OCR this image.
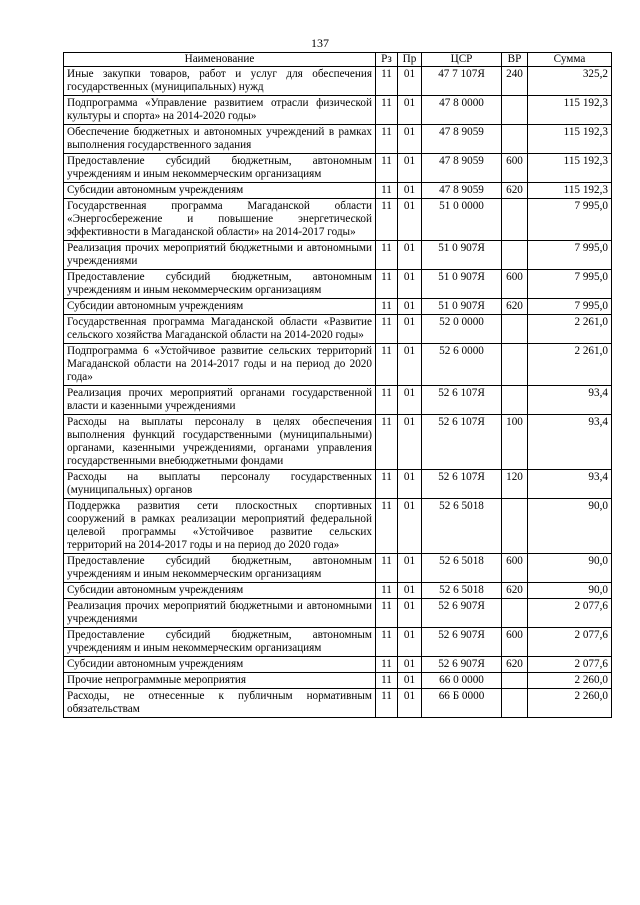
137
Наименование	Рз	Пр	ЦСР	ВР	Сумма
Иные закупки товаров, работ и услуг для обеспечения государственных (муниципальных) нужд	11	01	47 7 107Я	240	325,2
Подпрограмма «Управление развитием отрасли физической культуры и спорта» на 2014-2020 годы»	11	01	47 8 0000		115 192,3
Обеспечение бюджетных и автономных учреждений в рамках выполнения государственного задания	11	01	47 8 9059		115 192,3
Предоставление субсидий бюджетным, автономным учреждениям и иным некоммерческим организациям	11	01	47 8 9059	600	115 192,3
Субсидии автономным учреждениям	11	01	47 8 9059	620	115 192,3
Государственная программа Магаданской области «Энергосбережение и повышение энергетической эффективности в Магаданской области» на 2014-2017 годы»	11	01	51 0 0000		7 995,0
Реализация прочих мероприятий бюджетными и автономными учреждениями	11	01	51 0 907Я		7 995,0
Предоставление субсидий бюджетным, автономным учреждениям и иным некоммерческим организациям	11	01	51 0 907Я	600	7 995,0
Субсидии автономным учреждениям	11	01	51 0 907Я	620	7 995,0
Государственная программа Магаданской области «Развитие сельского хозяйства Магаданской области на 2014-2020 годы»	11	01	52 0 0000		2 261,0
Подпрограмма 6 «Устойчивое развитие сельских территорий Магаданской области на 2014-2017 годы и на период до 2020 года»	11	01	52 6 0000		2 261,0
Реализация прочих мероприятий органами государственной власти и казенными учреждениями	11	01	52 6 107Я		93,4
Расходы на выплаты персоналу в целях обеспечения выполнения функций государственными (муниципальными) органами, казенными учреждениями, органами управления государственными внебюджетными фондами	11	01	52 6 107Я	100	93,4
Расходы на выплаты персоналу государственных (муниципальных) органов	11	01	52 6 107Я	120	93,4
Поддержка развития сети плоскостных спортивных сооружений в рамках реализации мероприятий федеральной целевой программы «Устойчивое развитие сельских территорий на 2014-2017 годы и на период до 2020 года»	11	01	52 6 5018		90,0
Предоставление субсидий бюджетным, автономным учреждениям и иным некоммерческим организациям	11	01	52 6 5018	600	90,0
Субсидии автономным учреждениям	11	01	52 6 5018	620	90,0
Реализация прочих мероприятий бюджетными и автономными учреждениями	11	01	52 6 907Я		2 077,6
Предоставление субсидий бюджетным, автономным учреждениям и иным некоммерческим организациям	11	01	52 6 907Я	600	2 077,6
Субсидии автономным учреждениям	11	01	52 6 907Я	620	2 077,6
Прочие непрограммные мероприятия	11	01	66 0 0000		2 260,0
Расходы, не отнесенные к публичным нормативным обязательствам	11	01	66 Б 0000		2 260,0
